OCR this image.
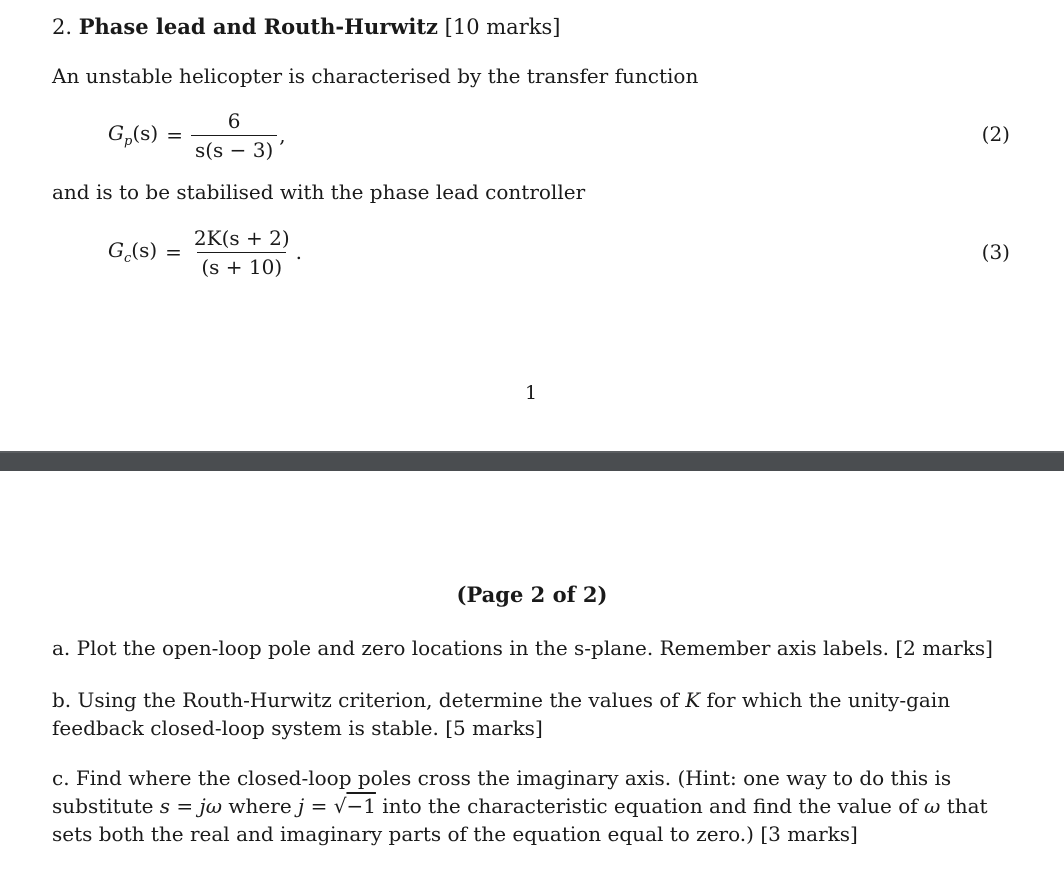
2. Phase lead and Routh-Hurwitz [10 marks]
An unstable helicopter is characterised by the transfer function
$G_p(s) = \frac{6}{s(s - 3)}$ ,	(2)
and is to be stabilised with the phase lead controller
$G_c(s) = \frac{2K(s + 2)}{(s + 10)}$ .	(3)
1
(Page 2 of 2)
a. Plot the open-loop pole and zero locations in the s-plane. Remember axis labels. [2 marks]
b. Using the Routh-Hurwitz criterion, determine the values of K for which the unity-gain feedback closed-loop system is stable. [5 marks]
c. Find where the closed-loop poles cross the imaginary axis. (Hint: one way to do this is substitute s = jω where j = √−1 into the characteristic equation and find the value of ω that sets both the real and imaginary parts of the equation equal to zero.) [3 marks]
